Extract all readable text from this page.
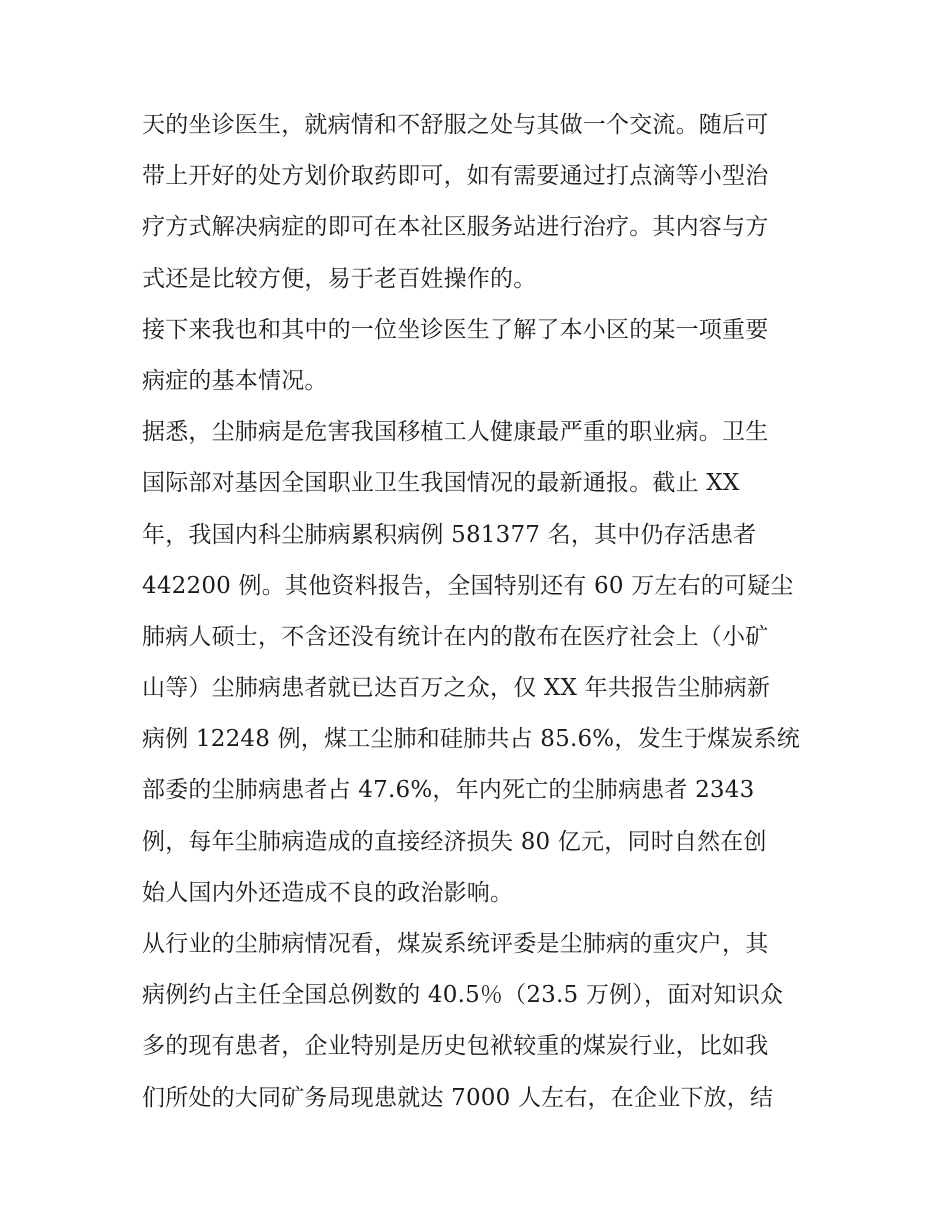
天的坐诊医生，就病情和不舒服之处与其做一个交流。随后可
带上开好的处方划价取药即可，如有需要通过打点滴等小型治
疗方式解决病症的即可在本社区服务站进行治疗。其内容与方
式还是比较方便，易于老百姓操作的。
接下来我也和其中的一位坐诊医生了解了本小区的某一项重要
病症的基本情况。
据悉，尘肺病是危害我国移植工人健康最严重的职业病。卫生
国际部对基因全国职业卫生我国情况的最新通报。截止 XX
年，我国内科尘肺病累积病例 581377 名，其中仍存活患者
442200 例。其他资料报告，全国特别还有 60 万左右的可疑尘
肺病人硕士，不含还没有统计在内的散布在医疗社会上（小矿
山等）尘肺病患者就已达百万之众，仅 XX 年共报告尘肺病新
病例 12248 例，煤工尘肺和硅肺共占 85.6%，发生于煤炭系统
部委的尘肺病患者占 47.6%，年内死亡的尘肺病患者 2343
例，每年尘肺病造成的直接经济损失 80 亿元，同时自然在创
始人国内外还造成不良的政治影响。
从行业的尘肺病情况看，煤炭系统评委是尘肺病的重灾户，其
病例约占主任全国总例数的 40.5％（23.5 万例），面对知识众
多的现有患者，企业特别是历史包袱较重的煤炭行业，比如我
们所处的大同矿务局现患就达 7000 人左右，在企业下放，结
